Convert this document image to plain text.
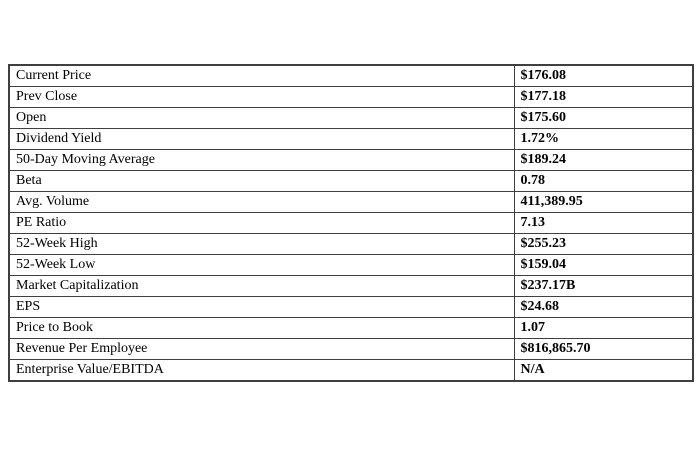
Current Price	$176.08
Prev Close	$177.18
Open	$175.60
Dividend Yield	1.72%
50-Day Moving Average	$189.24
Beta	0.78
Avg. Volume	411,389.95
PE Ratio	7.13
52-Week High	$255.23
52-Week Low	$159.04
Market Capitalization	$237.17B
EPS	$24.68
Price to Book	1.07
Revenue Per Employee	$816,865.70
Enterprise Value/EBITDA	N/A
